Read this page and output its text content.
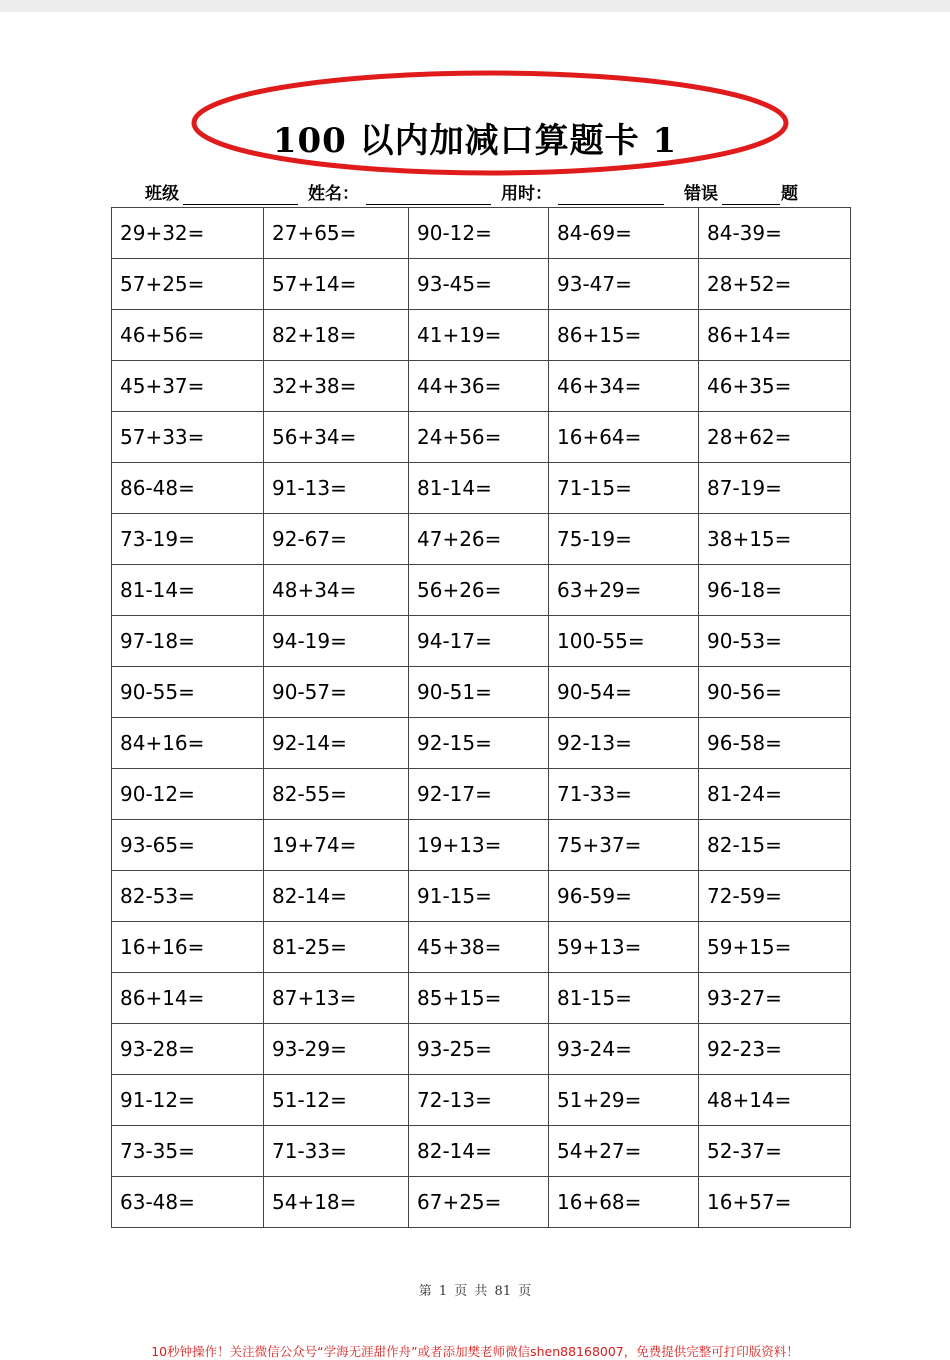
100 以内加减口算题卡 1
班级	姓名：	用时：	错误	题
29+32=	27+65=	90-12=	84-69=	84-39=
57+25=	57+14=	93-45=	93-47=	28+52=
46+56=	82+18=	41+19=	86+15=	86+14=
45+37=	32+38=	44+36=	46+34=	46+35=
57+33=	56+34=	24+56=	16+64=	28+62=
86-48=	91-13=	81-14=	71-15=	87-19=
73-19=	92-67=	47+26=	75-19=	38+15=
81-14=	48+34=	56+26=	63+29=	96-18=
97-18=	94-19=	94-17=	100-55=	90-53=
90-55=	90-57=	90-51=	90-54=	90-56=
84+16=	92-14=	92-15=	92-13=	96-58=
90-12=	82-55=	92-17=	71-33=	81-24=
93-65=	19+74=	19+13=	75+37=	82-15=
82-53=	82-14=	91-15=	96-59=	72-59=
16+16=	81-25=	45+38=	59+13=	59+15=
86+14=	87+13=	85+15=	81-15=	93-27=
93-28=	93-29=	93-25=	93-24=	92-23=
91-12=	51-12=	72-13=	51+29=	48+14=
73-35=	71-33=	82-14=	54+27=	52-37=
63-48=	54+18=	67+25=	16+68=	16+57=
第 1 页 共 81 页
10秒钟操作！关注微信公众号“学海无涯甜作舟”或者添加樊老师微信shen88168007，免费提供完整可打印版资料！
